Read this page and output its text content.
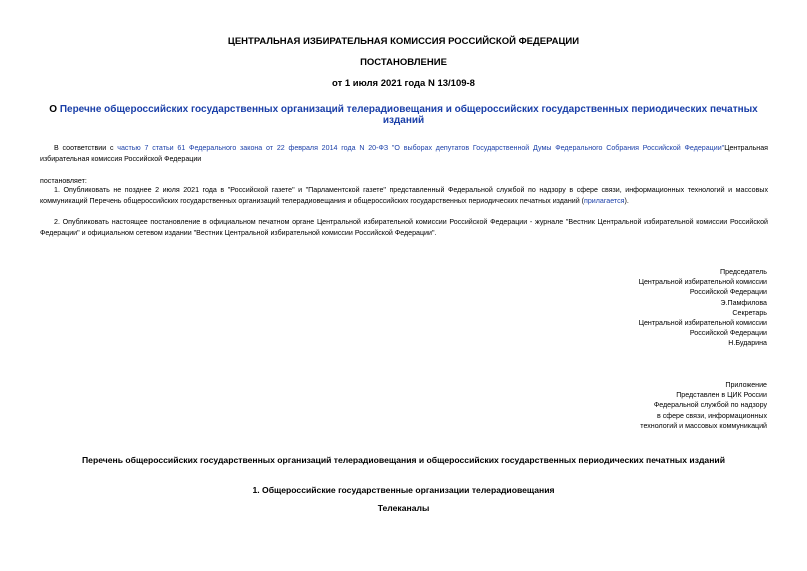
ЦЕНТРАЛЬНАЯ ИЗБИРАТЕЛЬНАЯ КОМИССИЯ РОССИЙСКОЙ ФЕДЕРАЦИИ
ПОСТАНОВЛЕНИЕ
от 1 июля 2021 года N 13/109-8
О Перечне общероссийских государственных организаций телерадиовещания и общероссийских государственных периодических печатных изданий
В соответствии с частью 7 статьи 61 Федерального закона от 22 февраля 2014 года N 20-ФЗ "О выборах депутатов Государственной Думы Федерального Собрания Российской Федерации"Центральная избирательная комиссия Российской Федерации
постановляет:
1. Опубликовать не позднее 2 июля 2021 года в "Российской газете" и "Парламентской газете" представленный Федеральной службой по надзору в сфере связи, информационных технологий и массовых коммуникаций Перечень общероссийских государственных организаций телерадиовещания и общероссийских государственных периодических печатных изданий (прилагается).
2. Опубликовать настоящее постановление в официальном печатном органе Центральной избирательной комиссии Российской Федерации - журнале "Вестник Центральной избирательной комиссии Российской Федерации" и официальном сетевом издании "Вестник Центральной избирательной комиссии Российской Федерации".
Председатель
Центральной избирательной комиссии
Российской Федерации
Э.Памфилова
Секретарь
Центральной избирательной комиссии
Российской Федерации
Н.Бударина
Приложение
Представлен в ЦИК России
Федеральной службой по надзору
в сфере связи, информационных
технологий и массовых коммуникаций
Перечень общероссийских государственных организаций телерадиовещания и общероссийских государственных периодических печатных изданий
1. Общероссийские государственные организации телерадиовещания
Телеканалы
